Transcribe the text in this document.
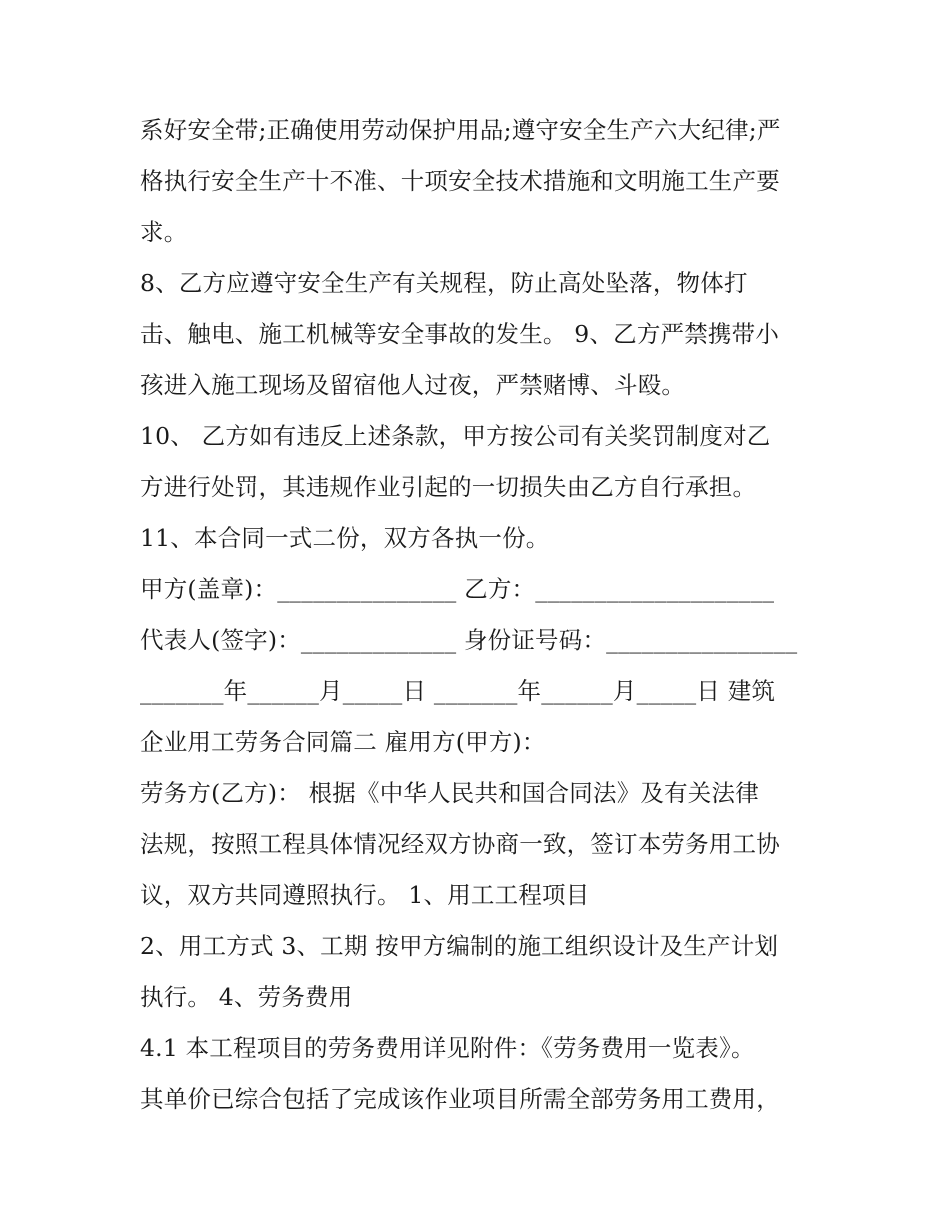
系好安全带;正确使用劳动保护用品;遵守安全生产六大纪律;严
格执行安全生产十不准、十项安全技术措施和文明施工生产要
求。
8、乙方应遵守安全生产有关规程，防止高处坠落，物体打
击、触电、施工机械等安全事故的发生。 9、乙方严禁携带小
孩进入施工现场及留宿他人过夜，严禁赌博、斗殴。
10、 乙方如有违反上述条款，甲方按公司有关奖罚制度对乙
方进行处罚，其违规作业引起的一切损失由乙方自行承担。
11、本合同一式二份，双方各执一份。
甲方(盖章)：_______________ 乙方：____________________
代表人(签字)：_____________ 身份证号码：________________
_______年______月_____日 _______年______月_____日 建筑
企业用工劳务合同篇二 雇用方(甲方)：
劳务方(乙方)： 根据《中华人民共和国合同法》及有关法律
法规，按照工程具体情况经双方协商一致，签订本劳务用工协
议，双方共同遵照执行。 1、用工工程项目
2、用工方式 3、工期 按甲方编制的施工组织设计及生产计划
执行。 4、劳务费用
4.1 本工程项目的劳务费用详见附件：《劳务费用一览表》。
其单价已综合包括了完成该作业项目所需全部劳务用工费用，
